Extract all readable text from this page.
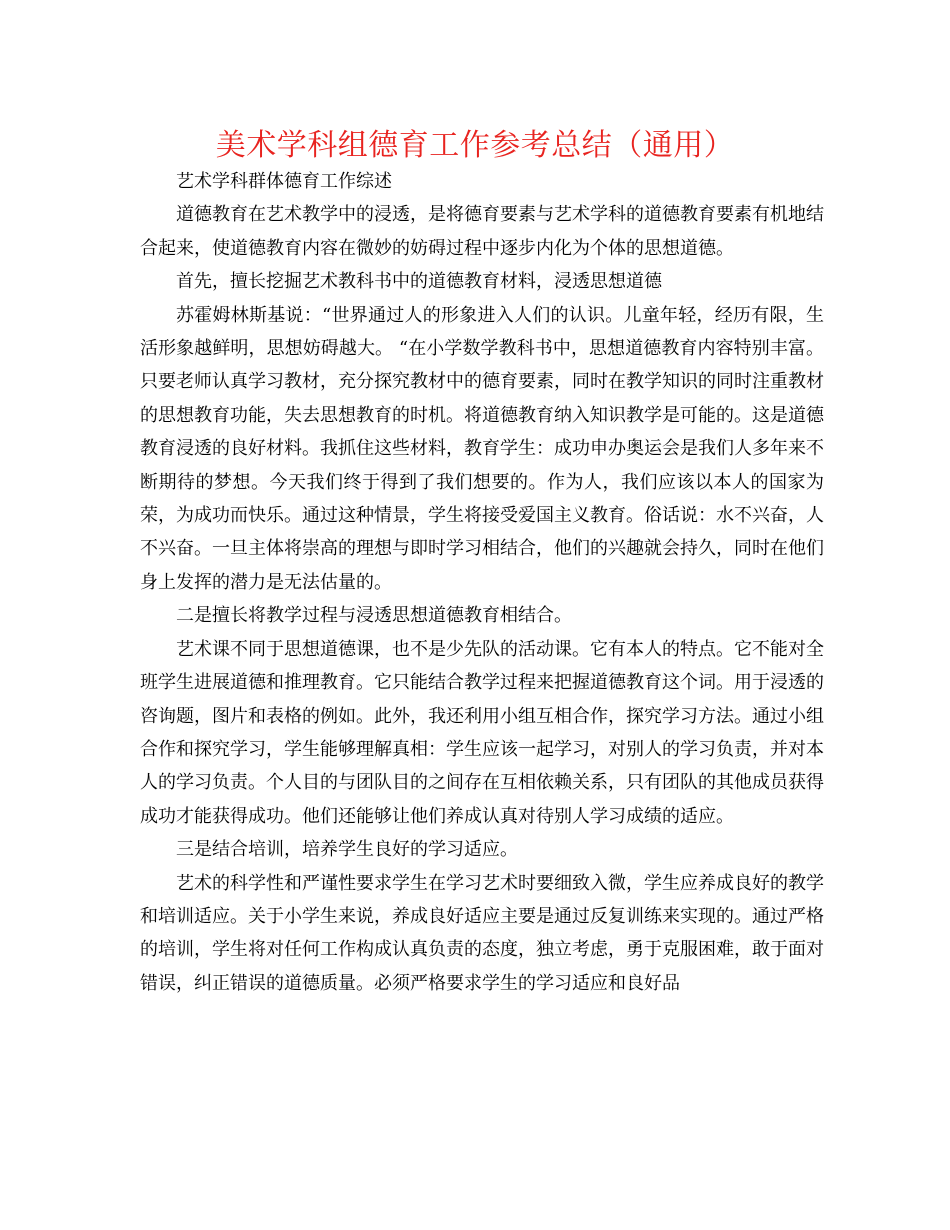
美术学科组德育工作参考总结（通用）

艺术学科群体德育工作综述

道德教育在艺术教学中的浸透，是将德育要素与艺术学科的道德教育要素有机地结合起来，使道德教育内容在微妙的妨碍过程中逐步内化为个体的思想道德。

首先，擅长挖掘艺术教科书中的道德教育材料，浸透思想道德

苏霍姆林斯基说：“世界通过人的形象进入人们的认识。儿童年轻，经历有限，生活形象越鲜明，思想妨碍越大。 “在小学数学教科书中，思想道德教育内容特别丰富。只要老师认真学习教材，充分探究教材中的德育要素，同时在教学知识的同时注重教材的思想教育功能，失去思想教育的时机。将道德教育纳入知识教学是可能的。这是道德教育浸透的良好材料。我抓住这些材料，教育学生：成功申办奥运会是我们人多年来不断期待的梦想。今天我们终于得到了我们想要的。作为人，我们应该以本人的国家为荣，为成功而快乐。通过这种情景，学生将接受爱国主义教育。俗话说：水不兴奋，人不兴奋。一旦主体将崇高的理想与即时学习相结合，他们的兴趣就会持久，同时在他们身上发挥的潜力是无法估量的。

二是擅长将教学过程与浸透思想道德教育相结合。

艺术课不同于思想道德课，也不是少先队的活动课。它有本人的特点。它不能对全班学生进展道德和推理教育。它只能结合教学过程来把握道德教育这个词。用于浸透的咨询题，图片和表格的例如。此外，我还利用小组互相合作，探究学习方法。通过小组合作和探究学习，学生能够理解真相：学生应该一起学习，对别人的学习负责，并对本人的学习负责。个人目的与团队目的之间存在互相依赖关系，只有团队的其他成员获得成功才能获得成功。他们还能够让他们养成认真对待别人学习成绩的适应。

三是结合培训，培养学生良好的学习适应。

艺术的科学性和严谨性要求学生在学习艺术时要细致入微，学生应养成良好的教学和培训适应。关于小学生来说，养成良好适应主要是通过反复训练来实现的。通过严格的培训，学生将对任何工作构成认真负责的态度，独立考虑，勇于克服困难，敢于面对错误，纠正错误的道德质量。必须严格要求学生的学习适应和良好品
